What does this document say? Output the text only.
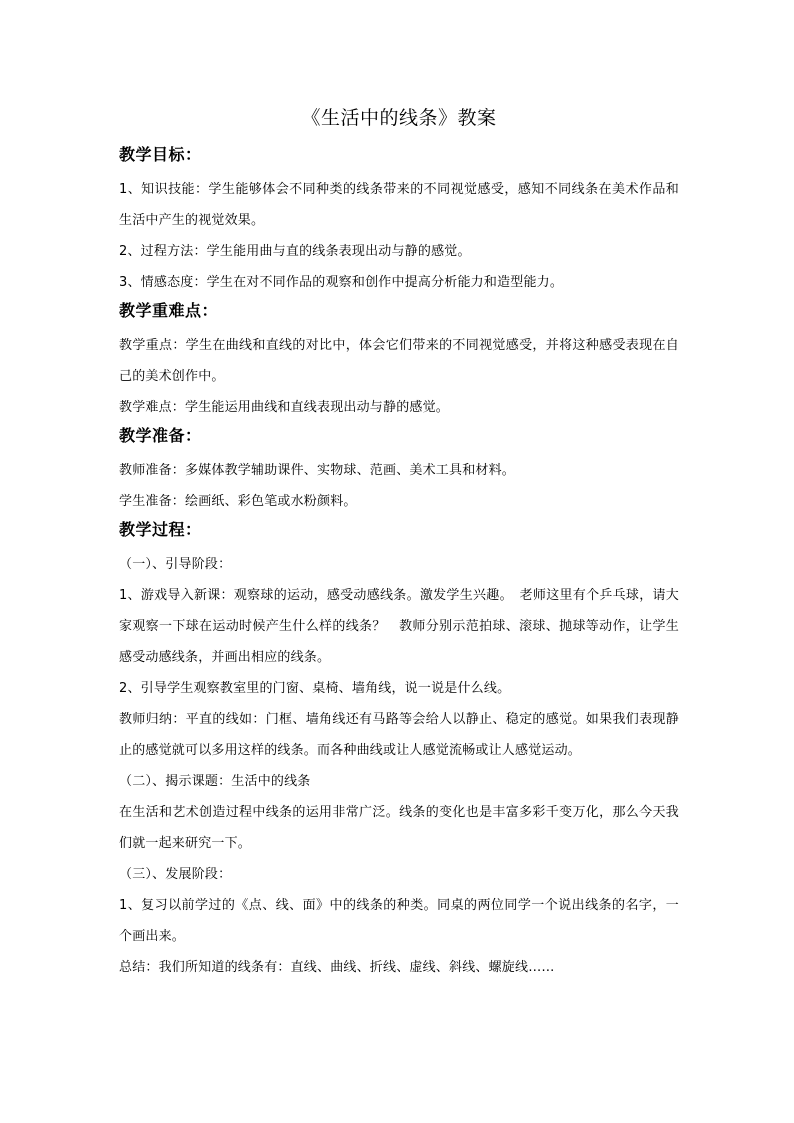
《生活中的线条》教案
教学目标：

1、知识技能：学生能够体会不同种类的线条带来的不同视觉感受，感知不同线条在美术作品和生活中产生的视觉效果。

2、过程方法：学生能用曲与直的线条表现出动与静的感觉。

3、情感态度：学生在对不同作品的观察和创作中提高分析能力和造型能力。

教学重难点：

教学重点：学生在曲线和直线的对比中，体会它们带来的不同视觉感受，并将这种感受表现在自己的美术创作中。

教学难点：学生能运用曲线和直线表现出动与静的感觉。

教学准备：

教师准备：多媒体教学辅助课件、实物球、范画、美术工具和材料。

学生准备：绘画纸、彩色笔或水粉颜料。

教学过程：

（一）、引导阶段：

1、游戏导入新课：观察球的运动，感受动感线条。激发学生兴趣。　老师这里有个乒乓球，请大家观察一下球在运动时候产生什么样的线条？　教师分别示范拍球、滚球、抛球等动作，让学生感受动感线条，并画出相应的线条。

2、引导学生观察教室里的门窗、桌椅、墙角线，说一说是什么线。

教师归纳：平直的线如：门框、墙角线还有马路等会给人以静止、稳定的感觉。如果我们表现静止的感觉就可以多用这样的线条。而各种曲线或让人感觉流畅或让人感觉运动。

（二）、揭示课题：生活中的线条

在生活和艺术创造过程中线条的运用非常广泛。线条的变化也是丰富多彩千变万化，那么今天我们就一起来研究一下。

（三）、发展阶段：

1、复习以前学过的《点、线、面》中的线条的种类。同桌的两位同学一个说出线条的名字，一个画出来。

总结：我们所知道的线条有：直线、曲线、折线、虚线、斜线、螺旋线……
